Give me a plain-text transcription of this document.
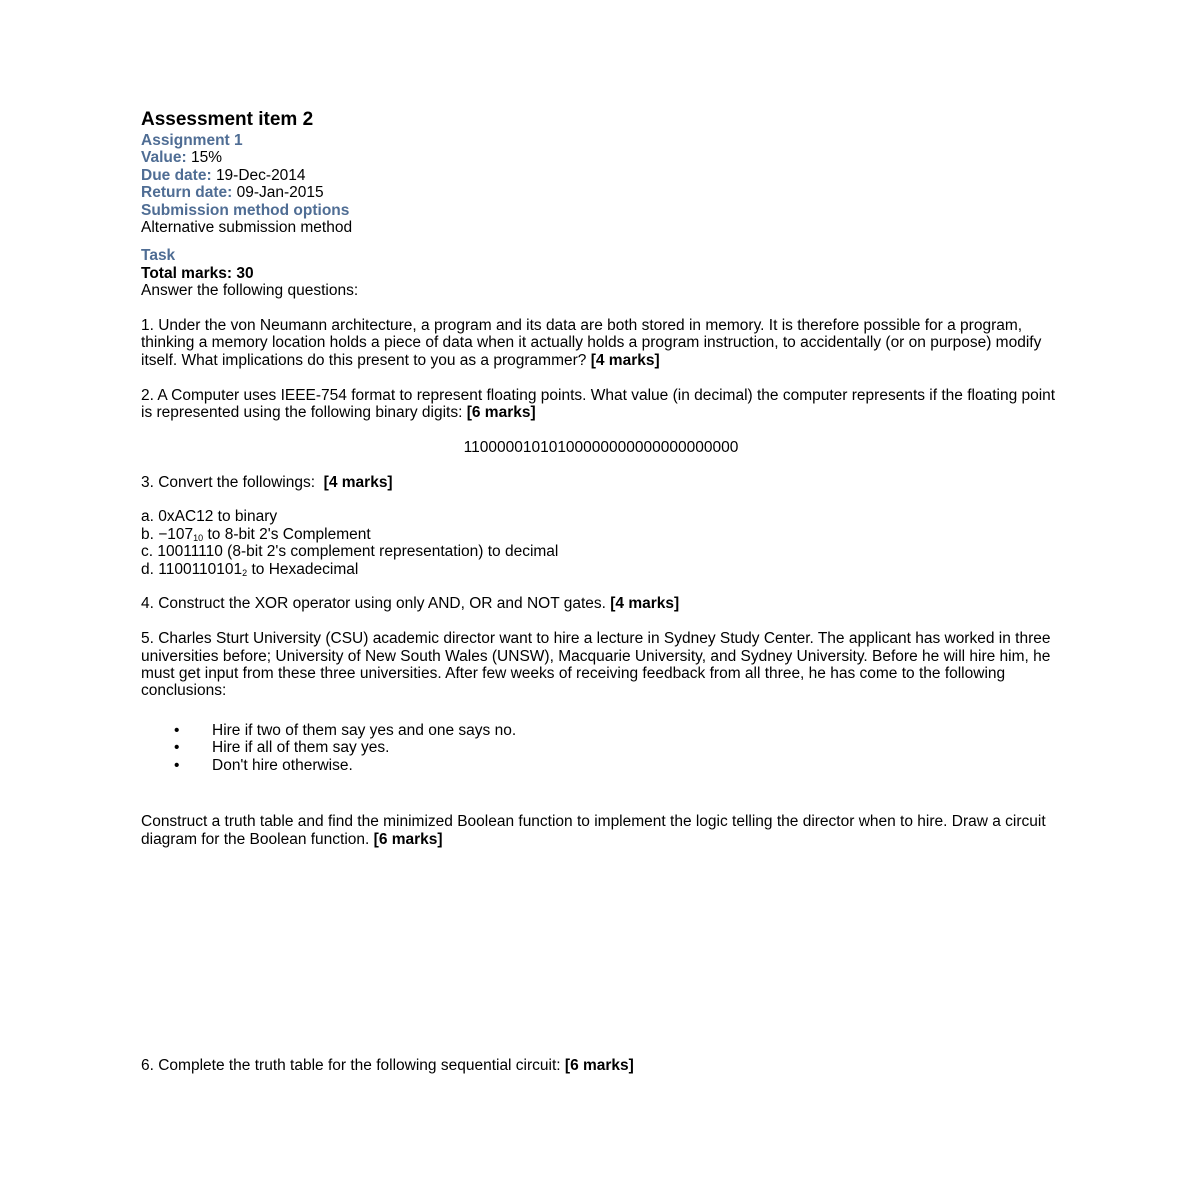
Assessment item 2
Assignment 1
Value: 15%
Due date: 19-Dec-2014
Return date: 09-Jan-2015
Submission method options
Alternative submission method
Task
Total marks: 30
Answer the following questions:

1. Under the von Neumann architecture, a program and its data are both stored in memory. It is therefore possible for a program, thinking a memory location holds a piece of data when it actually holds a program instruction, to accidentally (or on purpose) modify itself. What implications do this present to you as a programmer? [4 marks]

2. A Computer uses IEEE-754 format to represent floating points. What value (in decimal) the computer represents if the floating point is represented using the following binary digits: [6 marks]

11000001010100000000000000000000

3. Convert the followings: [4 marks]

a. 0xAC12 to binary
b. $-107_{10}$ to 8-bit 2's Complement
c. 10011110 (8-bit 2's complement representation) to decimal
d. $1100110101_2$ to Hexadecimal

4. Construct the XOR operator using only AND, OR and NOT gates. [4 marks]

5. Charles Sturt University (CSU) academic director want to hire a lecture in Sydney Study Center. The applicant has worked in three universities before; University of New South Wales (UNSW), Macquarie University, and Sydney University. Before he will hire him, he must get input from these three universities. After few weeks of receiving feedback from all three, he has come to the following conclusions:

• Hire if two of them say yes and one says no.
• Hire if all of them say yes.
• Don't hire otherwise.

Construct a truth table and find the minimized Boolean function to implement the logic telling the director when to hire. Draw a circuit diagram for the Boolean function. [6 marks]

6. Complete the truth table for the following sequential circuit: [6 marks]
